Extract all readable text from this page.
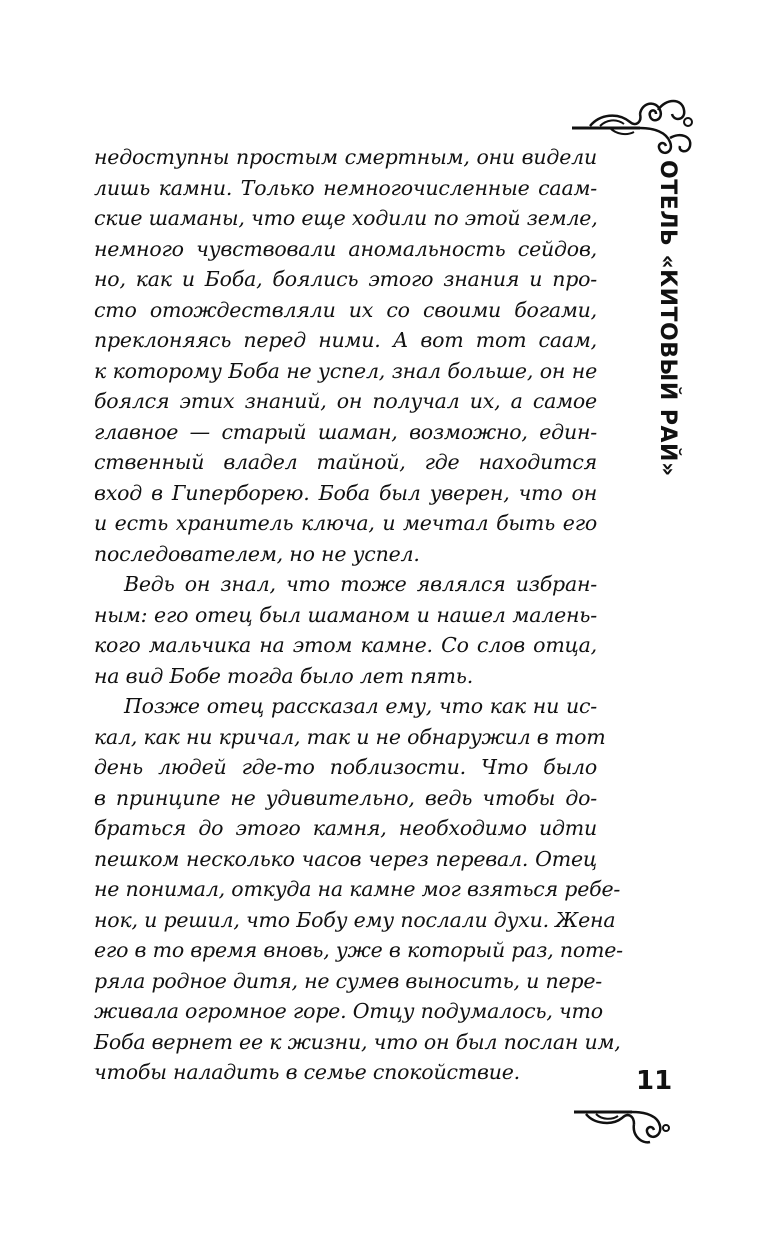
ОТЕЛЬ «КИТОВЫЙ РАЙ»

недоступны простым смертным, они видели
лишь камни. Только немногочисленные саам-
ские шаманы, что еще ходили по этой земле,
немного чувствовали аномальность сейдов,
но, как и Боба, боялись этого знания и про-
сто отождествляли их со своими богами,
преклоняясь перед ними. А вот тот саам,
к которому Боба не успел, знал больше, он не
боялся этих знаний, он получал их, а самое
главное — старый шаман, возможно, един-
ственный владел тайной, где находится
вход в Гиперборею. Боба был уверен, что он
и есть хранитель ключа, и мечтал быть его
последователем, но не успел.

Ведь он знал, что тоже являлся избран-
ным: его отец был шаманом и нашел малень-
кого мальчика на этом камне. Со слов отца,
на вид Бобе тогда было лет пять.

Позже отец рассказал ему, что как ни ис-
кал, как ни кричал, так и не обнаружил в тот
день людей где-то поблизости. Что было
в принципе не удивительно, ведь чтобы до-
браться до этого камня, необходимо идти
пешком несколько часов через перевал. Отец
не понимал, откуда на камне мог взяться ребе-
нок, и решил, что Бобу ему послали духи. Жена
его в то время вновь, уже в который раз, поте-
ряла родное дитя, не сумев выносить, и пере-
живала огромное горе. Отцу подумалось, что
Боба вернет ее к жизни, что он был послан им,
чтобы наладить в семье спокойствие.	11
